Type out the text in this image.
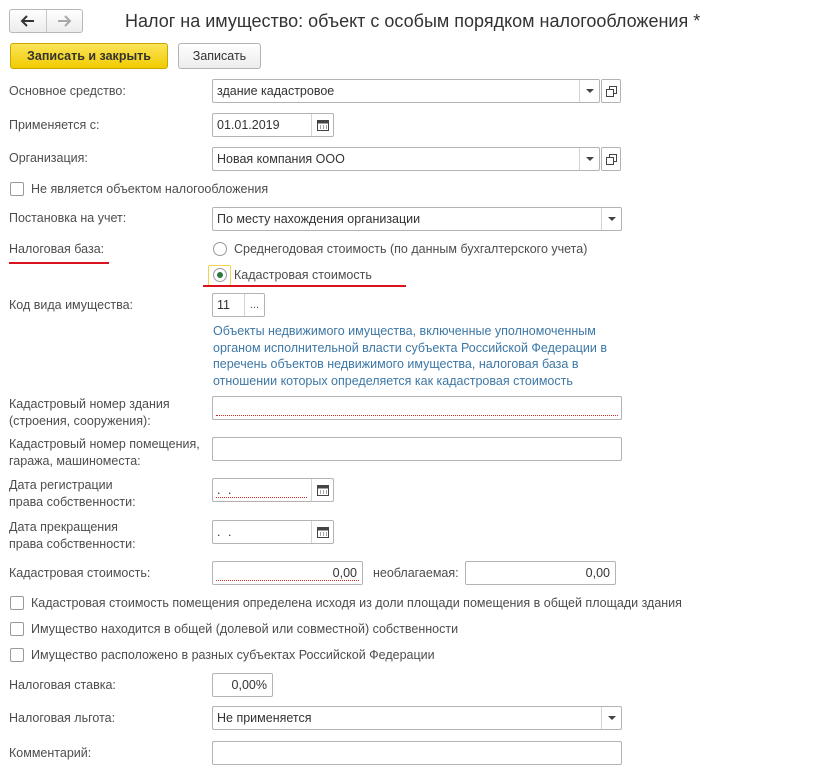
Налог на имущество: объект с особым порядком налогообложения *
Записать и закрыть	Записать
Основное средство:	здание кадастровое
Применяется с:	01.01.2019
Организация:	Новая компания ООО
Не является объектом налогообложения
Постановка на учет:	По месту нахождения организации
Налоговая база:	Среднегодовая стоимость (по данным бухгалтерского учета)
Кадастровая стоимость
Код вида имущества:	11	...
Объекты недвижимого имущества, включенные уполномоченным органом исполнительной власти субъекта Российской Федерации в перечень объектов недвижимого имущества, налоговая база в отношении которых определяется как кадастровая стоимость
Кадастровый номер здания
(строения, сооружения):
Кадастровый номер помещения,
гаража, машиноместа:
Дата регистрации
права собственности:
. .
Дата прекращения
права собственности:
. .
Кадастровая стоимость:	0,00	необлагаемая:	0,00
Кадастровая стоимость помещения определена исходя из доли площади помещения в общей площади здания
Имущество находится в общей (долевой или совместной) собственности
Имущество расположено в разных субъектах Российской Федерации
Налоговая ставка:	0,00%
Налоговая льгота:	Не применяется
Комментарий:
